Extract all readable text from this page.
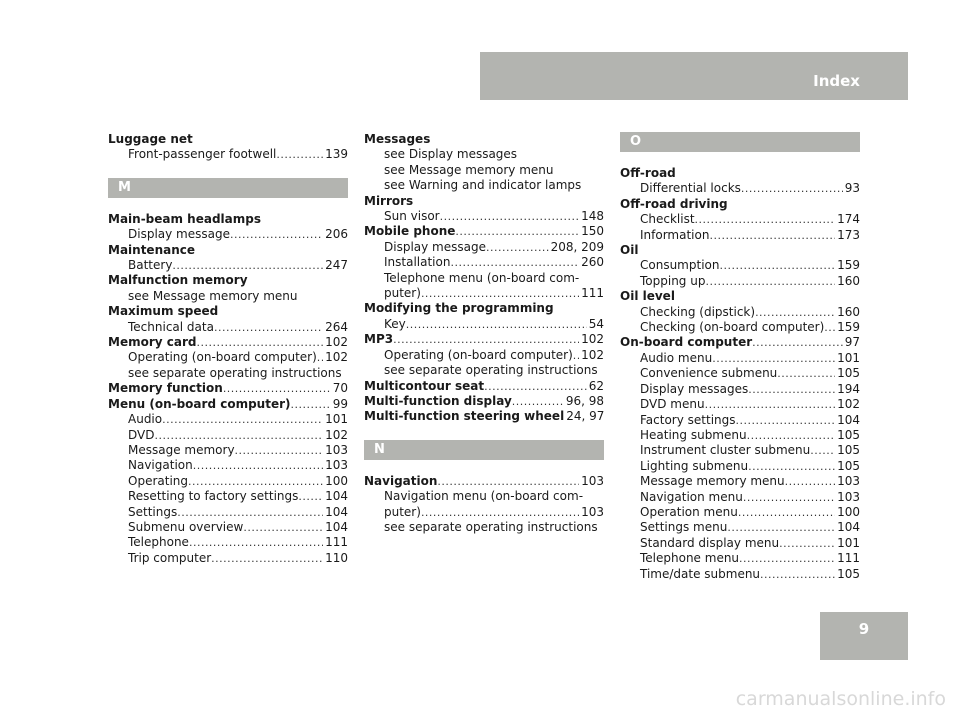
Index
Luggage net
Front-passenger footwell .....	139
M
Main-beam headlamps
Display message .....	206
Maintenance
Battery .....	247
Malfunction memory
see Message memory menu
Maximum speed
Technical data .....	264
Memory card .....	102
Operating (on-board computer) ..... 102
see separate operating instructions
Memory function .....	70
Menu (on-board computer) .....	99
Audio .....	101
DVD .....	102
Message memory .....	103
Navigation .....	103
Operating .....	100
Resetting to factory settings ..... 104
Settings .....	104
Submenu overview .....	104
Telephone .....	111
Trip computer .....	110
Messages
see Display messages
see Message memory menu
see Warning and indicator lamps
Mirrors
Sun visor .....	148
Mobile phone .....	150
Display message .....	208, 209
Installation .....	260
Telephone menu (on-board com-
puter) .....	111
Modifying the programming
Key .....	54
MP3 .....	102
Operating (on-board computer) ..... 102
see separate operating instructions
Multicontour seat .....	62
Multi-function display .....	96, 98
Multi-function steering wheel 24, 97
N
Navigation .....	103
Navigation menu (on-board com-
puter) .....	103
see separate operating instructions
O
Off-road
Differential locks .....	93
Off-road driving
Checklist .....	174
Information .....	173
Oil
Consumption .....	159
Topping up .....	160
Oil level
Checking (dipstick) .....	160
Checking (on-board computer) ..... 159
On-board computer .....	97
Audio menu .....	101
Convenience submenu .....	105
Display messages .....	194
DVD menu .....	102
Factory settings .....	104
Heating submenu .....	105
Instrument cluster submenu ..... 105
Lighting submenu .....	105
Message memory menu .....	103
Navigation menu .....	103
Operation menu .....	100
Settings menu .....	104
Standard display menu .....	101
Telephone menu .....	111
Time/date submenu .....	105
9
carmanualsonline.info
